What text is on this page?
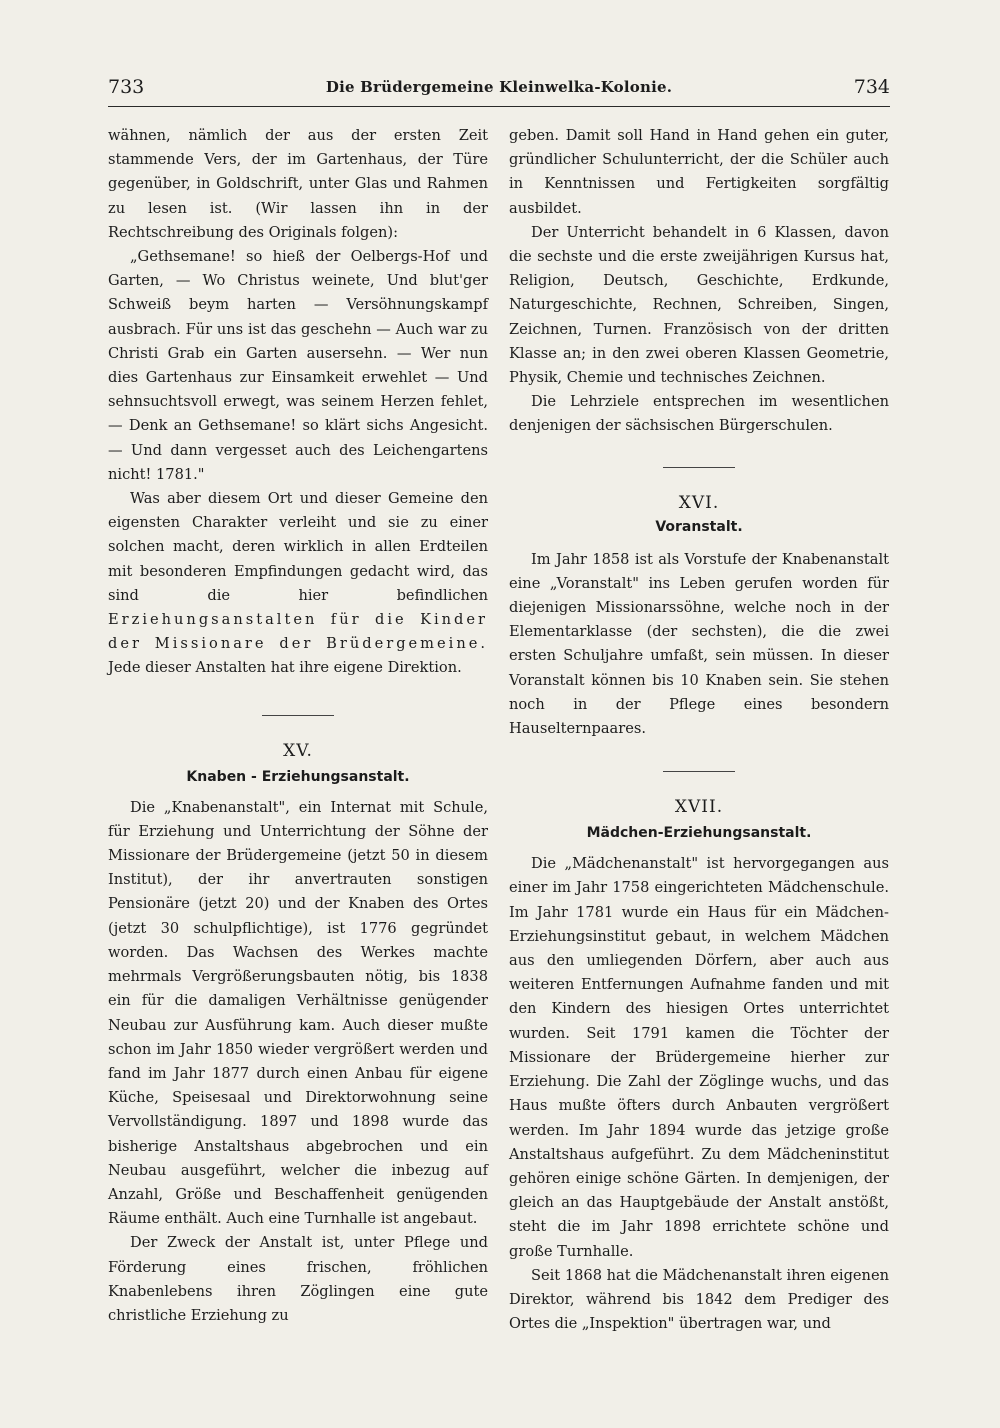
733	Die Brüdergemeine Kleinwelka-Kolonie.	734

wähnen, nämlich der aus der ersten Zeit stammende Vers, der im Gartenhaus, der Türe gegenüber, in Goldschrift, unter Glas und Rahmen zu lesen ist. (Wir lassen ihn in der Rechtschreibung des Originals folgen):

„Gethsemane! so hieß der Oelbergs-Hof und Garten, — Wo Christus weinete, Und blut'ger Schweiß beym harten — Versöhnungskampf ausbrach. Für uns ist das geschehn — Auch war zu Christi Grab ein Garten ausersehn. — Wer nun dies Gartenhaus zur Einsamkeit erwehlet — Und sehnsuchtsvoll erwegt, was seinem Herzen fehlet, — Denk an Gethsemane! so klärt sichs Angesicht. — Und dann vergesset auch des Leichengartens nicht! 1781."

Was aber diesem Ort und dieser Gemeine den eigensten Charakter verleiht und sie zu einer solchen macht, deren wirklich in allen Erdteilen mit besonderen Empfindungen gedacht wird, das sind die hier befindlichen Erziehungsanstalten für die Kinder der Missionare der Brüdergemeine. Jede dieser Anstalten hat ihre eigene Direktion.

XV.
Knaben - Erziehungsanstalt.

Die „Knabenanstalt", ein Internat mit Schule, für Erziehung und Unterrichtung der Söhne der Missionare der Brüdergemeine (jetzt 50 in diesem Institut), der ihr anvertrauten sonstigen Pensionäre (jetzt 20) und der Knaben des Ortes (jetzt 30 schulpflichtige), ist 1776 gegründet worden. Das Wachsen des Werkes machte mehrmals Vergrößerungsbauten nötig, bis 1838 ein für die damaligen Verhältnisse genügender Neubau zur Ausführung kam. Auch dieser mußte schon im Jahr 1850 wieder vergrößert werden und fand im Jahr 1877 durch einen Anbau für eigene Küche, Speisesaal und Direktorwohnung seine Vervollständigung. 1897 und 1898 wurde das bisherige Anstaltshaus abgebrochen und ein Neubau ausgeführt, welcher die inbezug auf Anzahl, Größe und Beschaffenheit genügenden Räume enthält. Auch eine Turnhalle ist angebaut.

Der Zweck der Anstalt ist, unter Pflege und Förderung eines frischen, fröhlichen Knabenlebens ihren Zöglingen eine gute christliche Erziehung zu

geben. Damit soll Hand in Hand gehen ein guter, gründlicher Schulunterricht, der die Schüler auch in Kenntnissen und Fertigkeiten sorgfältig ausbildet.

Der Unterricht behandelt in 6 Klassen, davon die sechste und die erste zweijährigen Kursus hat, Religion, Deutsch, Geschichte, Erdkunde, Naturgeschichte, Rechnen, Schreiben, Singen, Zeichnen, Turnen. Französisch von der dritten Klasse an; in den zwei oberen Klassen Geometrie, Physik, Chemie und technisches Zeichnen.

Die Lehrziele entsprechen im wesentlichen denjenigen der sächsischen Bürgerschulen.

XVI.
Voranstalt.

Im Jahr 1858 ist als Vorstufe der Knabenanstalt eine „Voranstalt" ins Leben gerufen worden für diejenigen Missionarssöhne, welche noch in der Elementarklasse (der sechsten), die die zwei ersten Schuljahre umfaßt, sein müssen. In dieser Voranstalt können bis 10 Knaben sein. Sie stehen noch in der Pflege eines besondern Hauselternpaares.

XVII.
Mädchen-Erziehungsanstalt.

Die „Mädchenanstalt" ist hervorgegangen aus einer im Jahr 1758 eingerichteten Mädchenschule. Im Jahr 1781 wurde ein Haus für ein Mädchen-Erziehungsinstitut gebaut, in welchem Mädchen aus den umliegenden Dörfern, aber auch aus weiteren Entfernungen Aufnahme fanden und mit den Kindern des hiesigen Ortes unterrichtet wurden. Seit 1791 kamen die Töchter der Missionare der Brüdergemeine hierher zur Erziehung. Die Zahl der Zöglinge wuchs, und das Haus mußte öfters durch Anbauten vergrößert werden. Im Jahr 1894 wurde das jetzige große Anstaltshaus aufgeführt. Zu dem Mädcheninstitut gehören einige schöne Gärten. In demjenigen, der gleich an das Hauptgebäude der Anstalt anstößt, steht die im Jahr 1898 errichtete schöne und große Turnhalle.

Seit 1868 hat die Mädchenanstalt ihren eigenen Direktor, während bis 1842 dem Prediger des Ortes die „Inspektion" übertragen war, und
